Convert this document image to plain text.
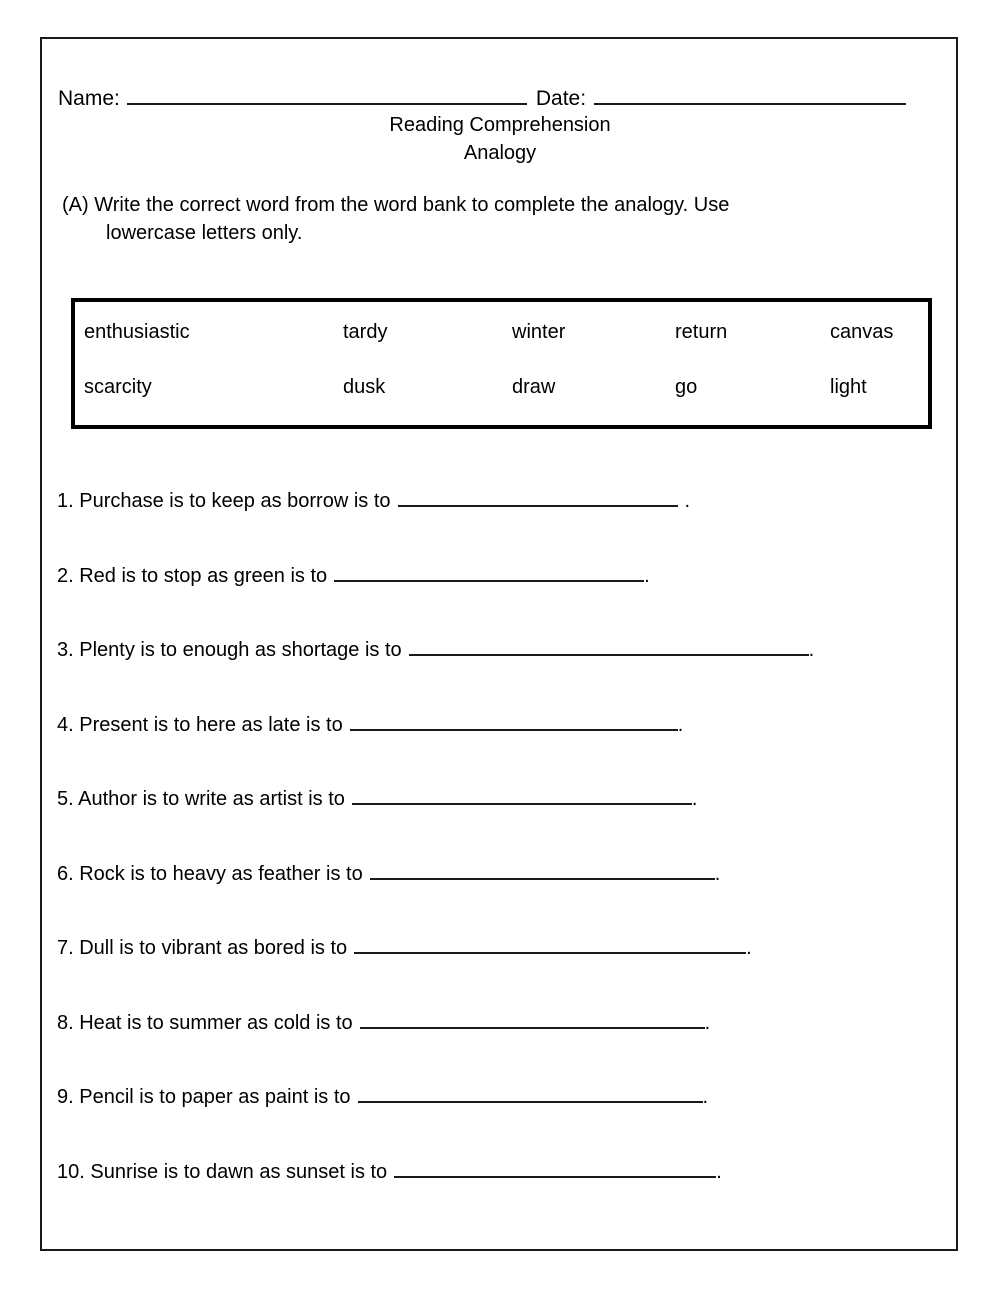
Name:	Date:
Reading Comprehension
Analogy
(A) Write the correct word from the word bank to complete the analogy. Use
lowercase letters only.
enthusiastic	tardy	winter	return	canvas
scarcity	dusk	draw	go	light
1. Purchase is to keep as borrow is to	.
2. Red is to stop as green is to	.
3. Plenty is to enough as shortage is to	.
4. Present is to here as late is to	.
5. Author is to write as artist is to	.
6. Rock is to heavy as feather is to	.
7. Dull is to vibrant as bored is to	.
8. Heat is to summer as cold is to	.
9. Pencil is to paper as paint is to	.
10. Sunrise is to dawn as sunset is to	.
